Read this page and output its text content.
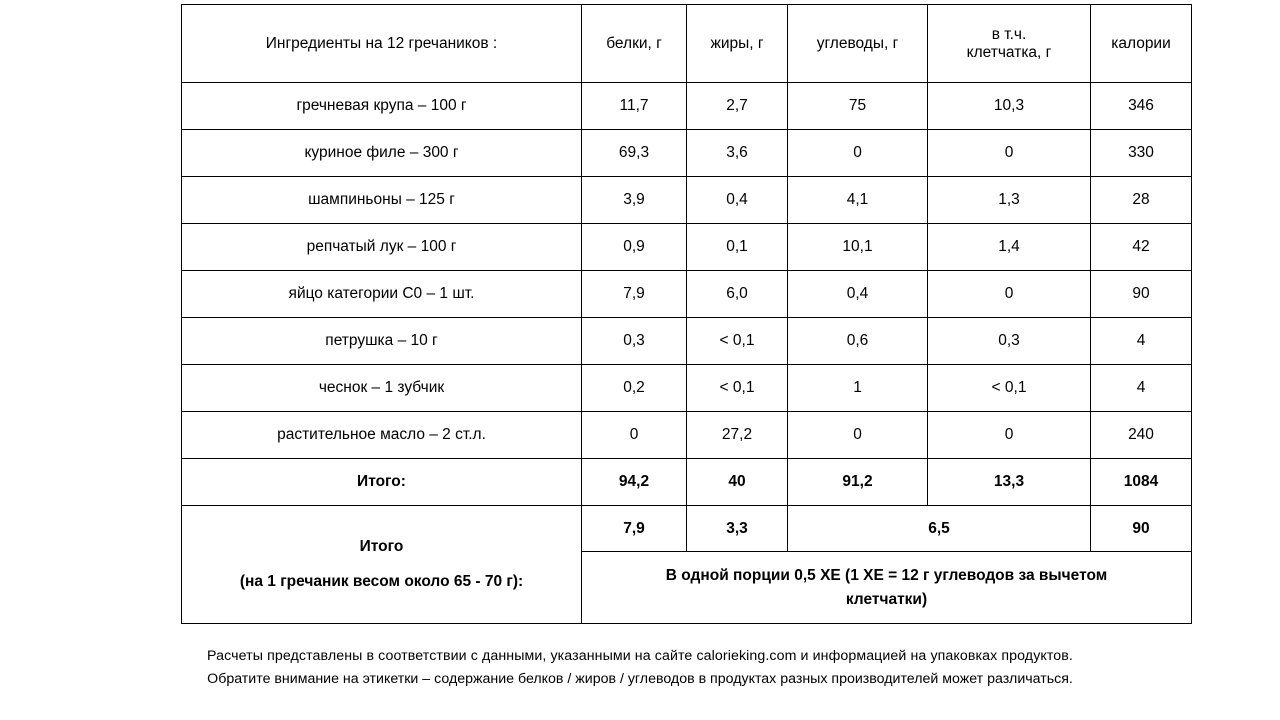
Ингредиенты на 12 гречаников :	белки, г	жиры, г	углеводы, г	в т.ч.
клетчатка, г	калории
гречневая крупа – 100 г	11,7	2,7	75	10,3	346
куриное филе – 300 г	69,3	3,6	0	0	330
шампиньоны – 125 г	3,9	0,4	4,1	1,3	28
репчатый лук – 100 г	0,9	0,1	10,1	1,4	42
яйцо категории С0 – 1 шт.	7,9	6,0	0,4	0	90
петрушка – 10 г	0,3	< 0,1	0,6	0,3	4
чеснок – 1 зубчик	0,2	< 0,1	1	< 0,1	4
растительное масло – 2 ст.л.	0	27,2	0	0	240
Итого:	94,2	40	91,2	13,3	1084

Итого
(на 1 гречаник весом около 65 - 70 г):	7,9	3,3	6,5		90

	В одной порции 0,5 ХЕ (1 ХЕ = 12 г углеводов за вычетом
клетчатки)				
Расчеты представлены в соответствии с данными, указанными на сайте calorieking.com и информацией на упаковках продуктов.
Обратите внимание на этикетки – содержание белков / жиров / углеводов в продуктах разных производителей может различаться.
